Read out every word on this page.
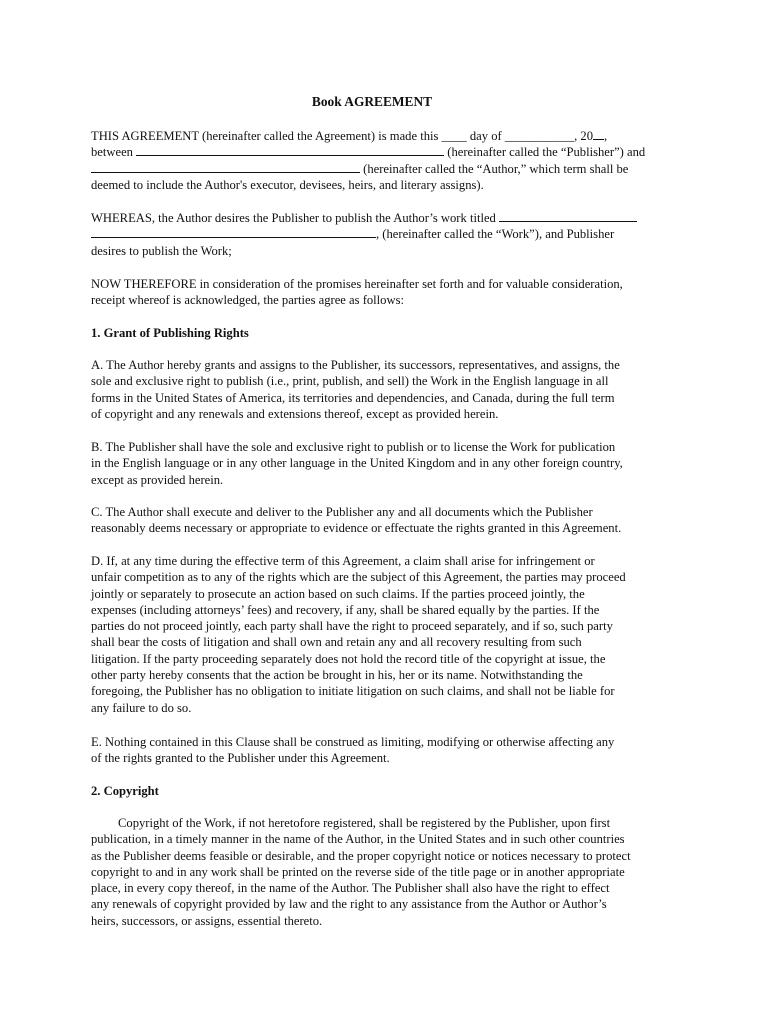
Book AGREEMENT
THIS AGREEMENT (hereinafter called the Agreement) is made this ____ day of ___________, 20 ,
between	(hereinafter called the “Publisher”) and
(hereinafter called the “Author,” which term shall be
deemed to include the Author's executor, devisees, heirs, and literary assigns).
WHEREAS, the Author desires the Publisher to publish the Author’s work titled
, (hereinafter called the “Work”), and Publisher
desires to publish the Work;
NOW THEREFORE in consideration of the promises hereinafter set forth and for valuable consideration,
receipt whereof is acknowledged, the parties agree as follows:
1. Grant of Publishing Rights
A. The Author hereby grants and assigns to the Publisher, its successors, representatives, and assigns, the
sole and exclusive right to publish (i.e., print, publish, and sell) the Work in the English language in all
forms in the United States of America, its territories and dependencies, and Canada, during the full term
of copyright and any renewals and extensions thereof, except as provided herein.
B. The Publisher shall have the sole and exclusive right to publish or to license the Work for publication
in the English language or in any other language in the United Kingdom and in any other foreign country,
except as provided herein.
C. The Author shall execute and deliver to the Publisher any and all documents which the Publisher
reasonably deems necessary or appropriate to evidence or effectuate the rights granted in this Agreement.
D. If, at any time during the effective term of this Agreement, a claim shall arise for infringement or
unfair competition as to any of the rights which are the subject of this Agreement, the parties may proceed
jointly or separately to prosecute an action based on such claims. If the parties proceed jointly, the
expenses (including attorneys’ fees) and recovery, if any, shall be shared equally by the parties. If the
parties do not proceed jointly, each party shall have the right to proceed separately, and if so, such party
shall bear the costs of litigation and shall own and retain any and all recovery resulting from such
litigation. If the party proceeding separately does not hold the record title of the copyright at issue, the
other party hereby consents that the action be brought in his, her or its name. Notwithstanding the
foregoing, the Publisher has no obligation to initiate litigation on such claims, and shall not be liable for
any failure to do so.
E. Nothing contained in this Clause shall be construed as limiting, modifying or otherwise affecting any
of the rights granted to the Publisher under this Agreement.
2. Copyright
Copyright of the Work, if not heretofore registered, shall be registered by the Publisher, upon first
publication, in a timely manner in the name of the Author, in the United States and in such other countries
as the Publisher deems feasible or desirable, and the proper copyright notice or notices necessary to protect
copyright to and in any work shall be printed on the reverse side of the title page or in another appropriate
place, in every copy thereof, in the name of the Author. The Publisher shall also have the right to effect
any renewals of copyright provided by law and the right to any assistance from the Author or Author’s
heirs, successors, or assigns, essential thereto.
